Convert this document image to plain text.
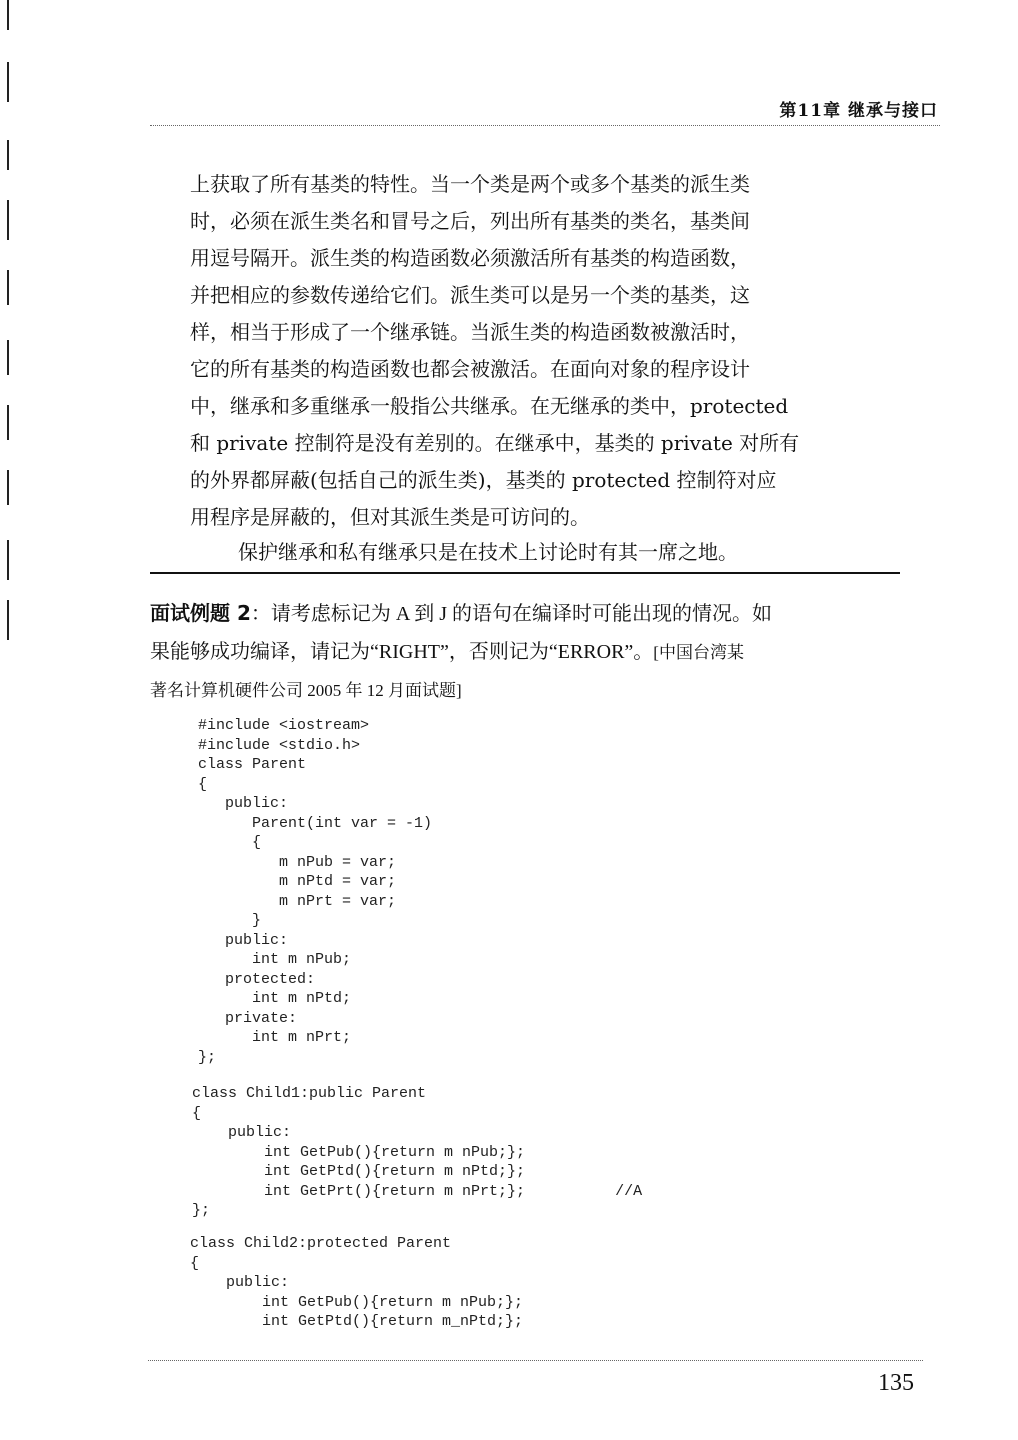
第11章 继承与接口
上获取了所有基类的特性。当一个类是两个或多个基类的派生类
时，必须在派生类名和冒号之后，列出所有基类的类名，基类间
用逗号隔开。派生类的构造函数必须激活所有基类的构造函数，
并把相应的参数传递给它们。派生类可以是另一个类的基类，这
样，相当于形成了一个继承链。当派生类的构造函数被激活时，
它的所有基类的构造函数也都会被激活。在面向对象的程序设计
中，继承和多重继承一般指公共继承。在无继承的类中，protected
和 private 控制符是没有差别的。在继承中，基类的 private 对所有
的外界都屏蔽(包括自己的派生类)，基类的 protected 控制符对应
用程序是屏蔽的，但对其派生类是可访问的。
保护继承和私有继承只是在技术上讨论时有其一席之地。
面试例题 2：请考虑标记为 A 到 J 的语句在编译时可能出现的情况。如
果能够成功编译，请记为“RIGHT”，否则记为“ERROR”。[中国台湾某
著名计算机硬件公司 2005 年 12 月面试题]
#include <iostream>
#include <stdio.h>
class Parent
{
public:
Parent(int var = -1)
{
m nPub = var;
m nPtd = var;
m nPrt = var;
}
public:
int m nPub;
protected:
int m nPtd;
private:
int m nPrt;
};
class Child1:public Parent
{
public:
int GetPub(){return m nPub;};
int GetPtd(){return m nPtd;};
int GetPrt(){return m nPrt;};          //A
};
class Child2:protected Parent
{
public:
int GetPub(){return m nPub;};
int GetPtd(){return m_nPtd;};
135
